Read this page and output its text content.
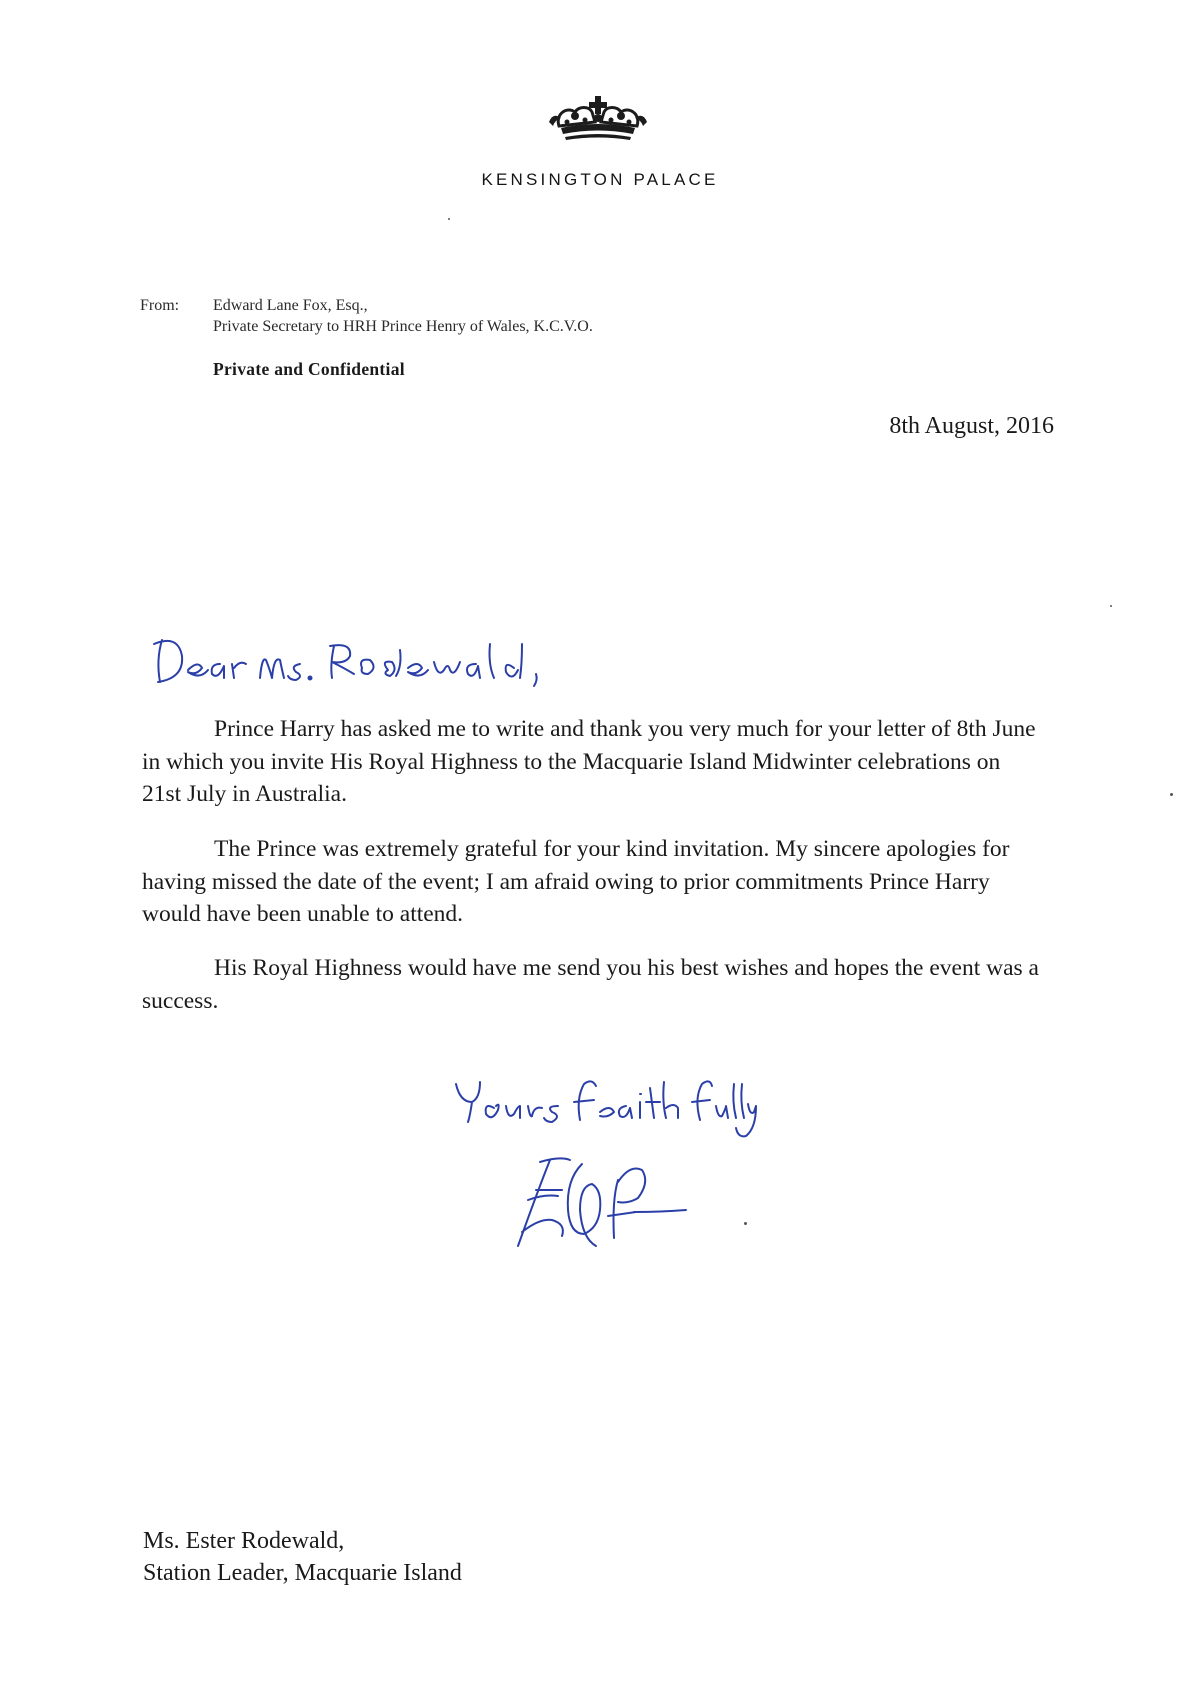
KENSINGTON PALACE
From: Edward Lane Fox, Esq.,
Private Secretary to HRH Prince Henry of Wales, K.C.V.O.
Private and Confidential
8th August, 2016

Prince Harry has asked me to write and thank you very much for your letter of 8th June in which you invite His Royal Highness to the Macquarie Island Midwinter celebrations on 21st July in Australia.

The Prince was extremely grateful for your kind invitation. My sincere apologies for having missed the date of the event; I am afraid owing to prior commitments Prince Harry would have been unable to attend.

His Royal Highness would have me send you his best wishes and hopes the event was a success.

Ms. Ester Rodewald,
Station Leader, Macquarie Island
